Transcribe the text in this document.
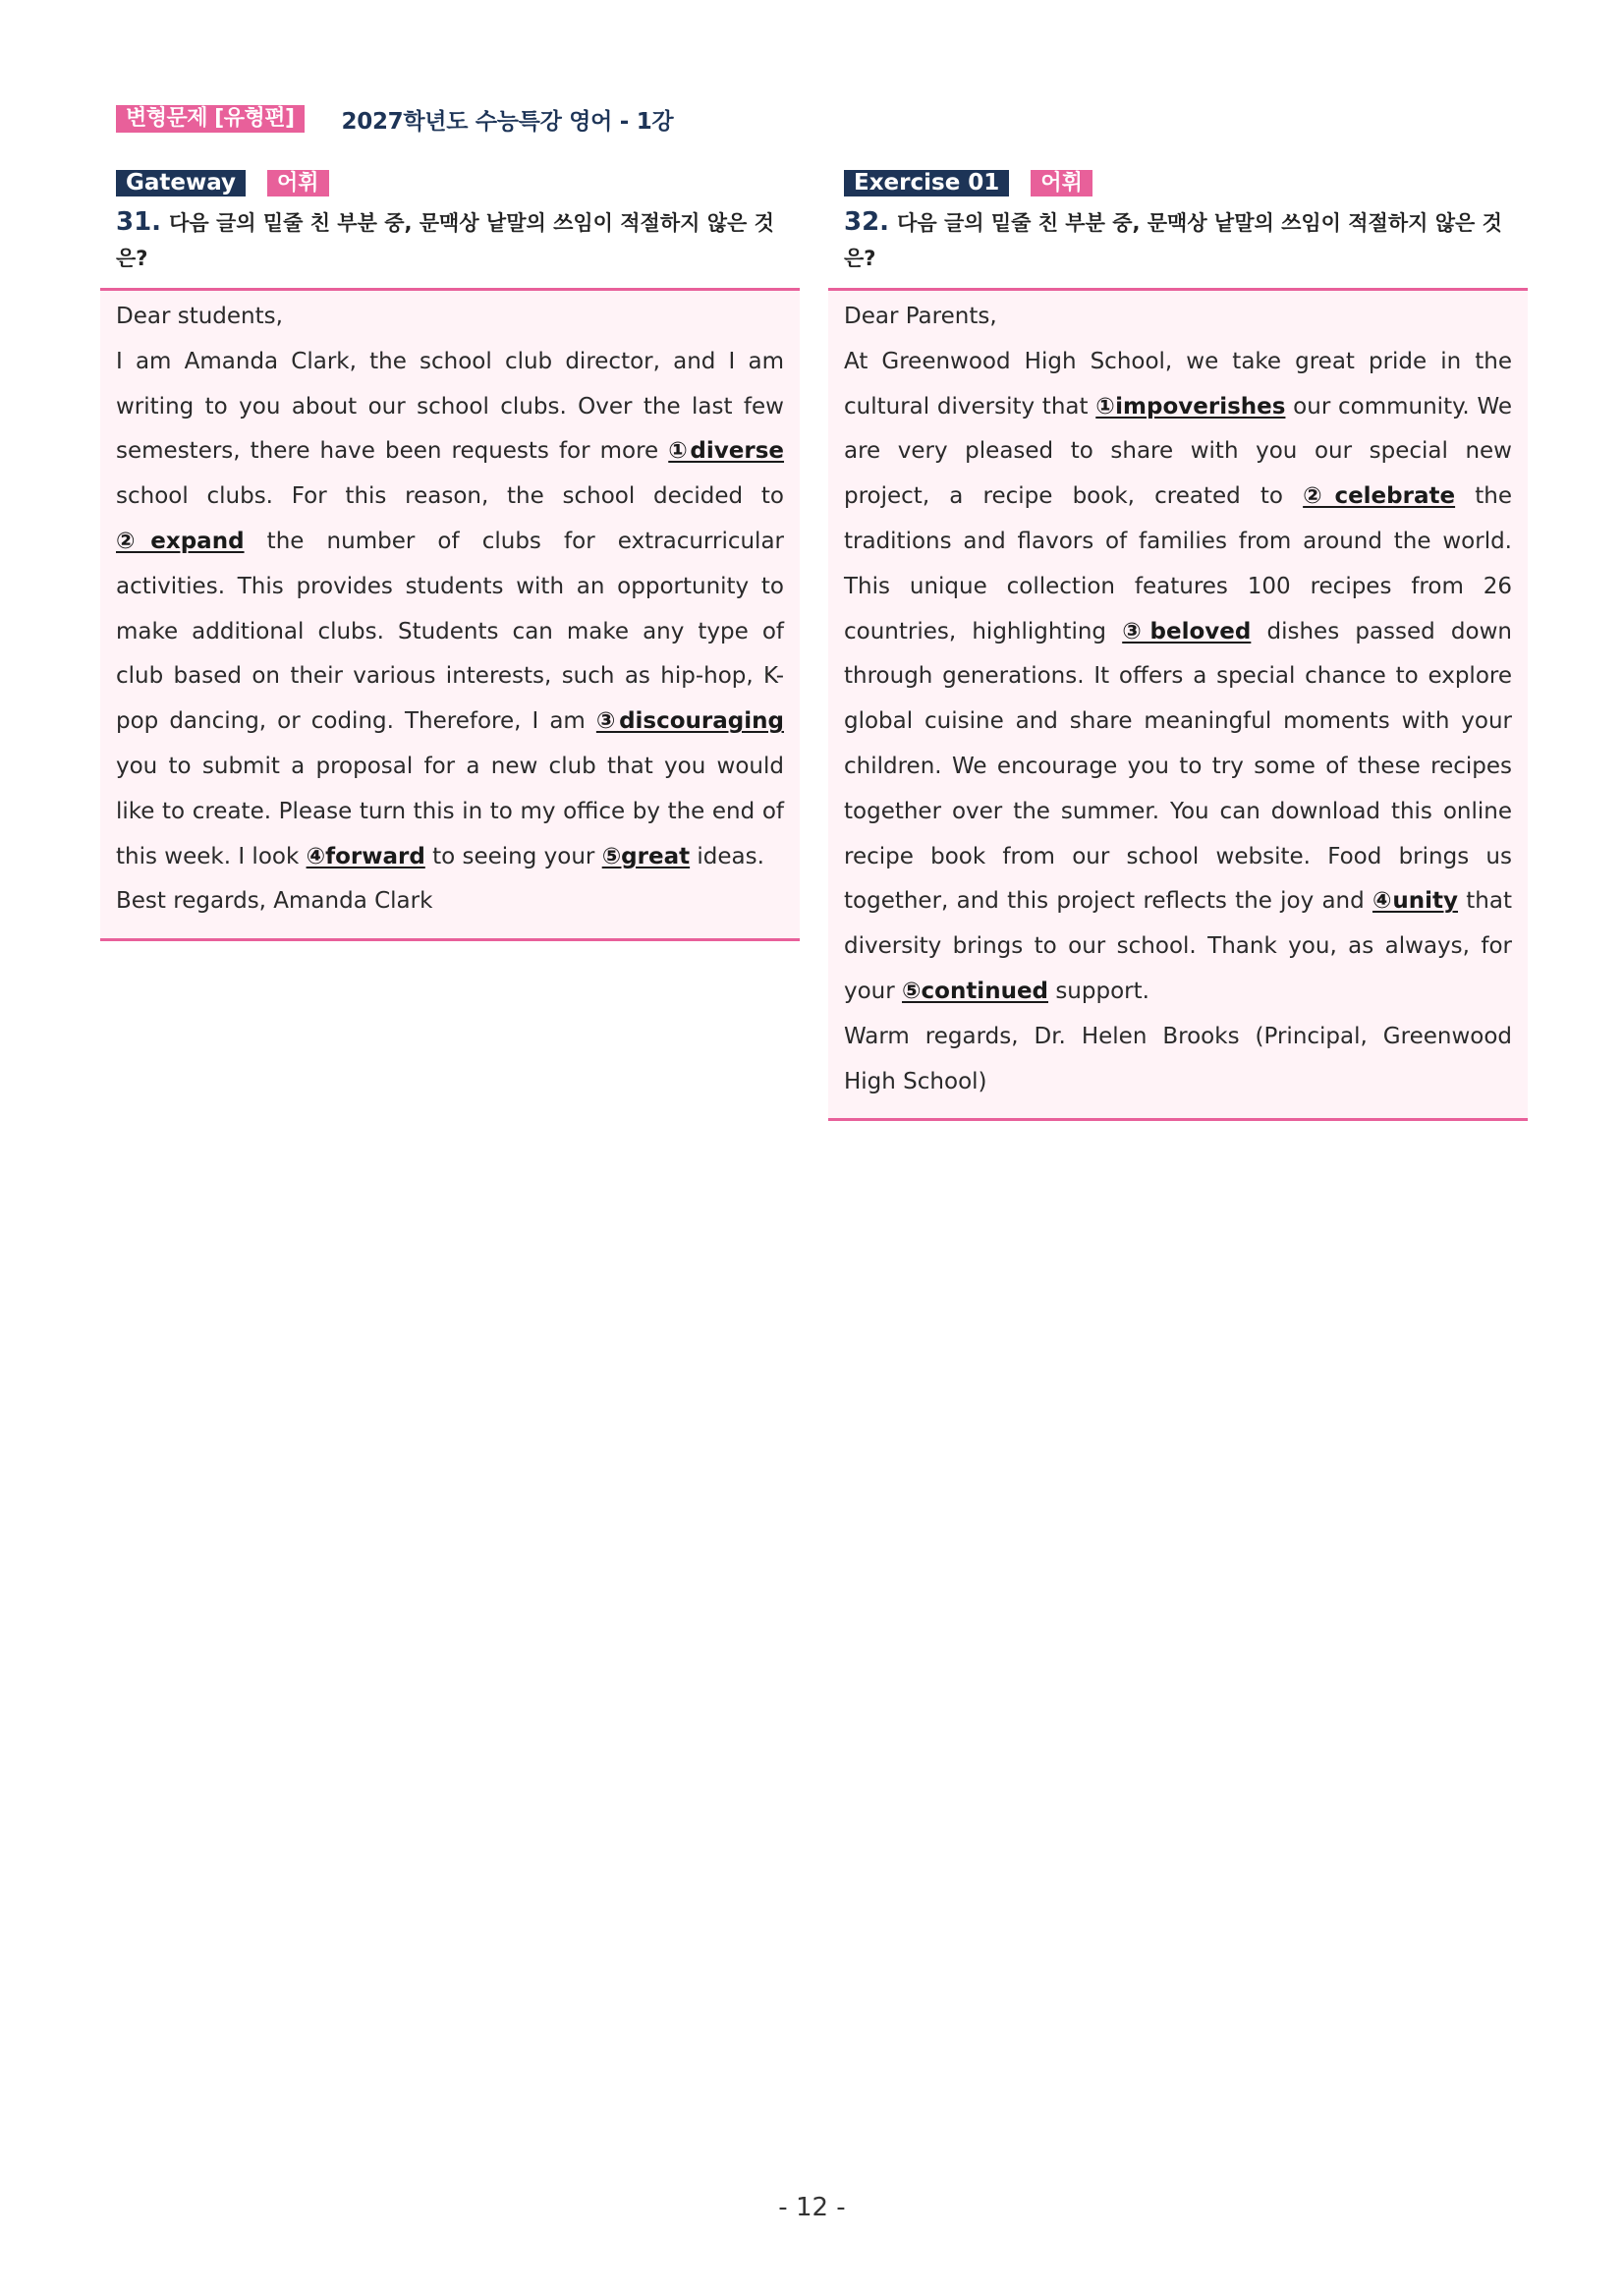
변형문제 [유형편]	2027학년도 수능특강 영어 - 1강
Gateway	어휘
31. 다음 글의 밑줄 친 부분 중, 문맥상 낱말의 쓰임이 적절하지 않은 것은?

Dear students,

I am Amanda Clark, the school club director, and I am writing to you about our school clubs. Over the last few semesters, there have been requests for more ①diverse school clubs. For this reason, the school decided to ②expand the number of clubs for extracurricular activities. This provides students with an opportunity to make additional clubs. Students can make any type of club based on their various interests, such as hip-hop, K-pop dancing, or coding. Therefore, I am ③discouraging you to submit a proposal for a new club that you would like to create. Please turn this in to my office by the end of this week. I look ④forward to seeing your ⑤great ideas.

Best regards, Amanda Clark

Exercise 01	어휘
32. 다음 글의 밑줄 친 부분 중, 문맥상 낱말의 쓰임이 적절하지 않은 것은?

Dear Parents,

At Greenwood High School, we take great pride in the cultural diversity that ①impoverishes our community. We are very pleased to share with you our special new project, a recipe book, created to ②celebrate the traditions and flavors of families from around the world. This unique collection features 100 recipes from 26 countries, highlighting ③beloved dishes passed down through generations. It offers a special chance to explore global cuisine and share meaningful moments with your children. We encourage you to try some of these recipes together over the summer. You can download this online recipe book from our school website. Food brings us together, and this project reflects the joy and ④unity that diversity brings to our school. Thank you, as always, for your ⑤continued support.

Warm regards, Dr. Helen Brooks (Principal, Greenwood High School)

- 12 -
